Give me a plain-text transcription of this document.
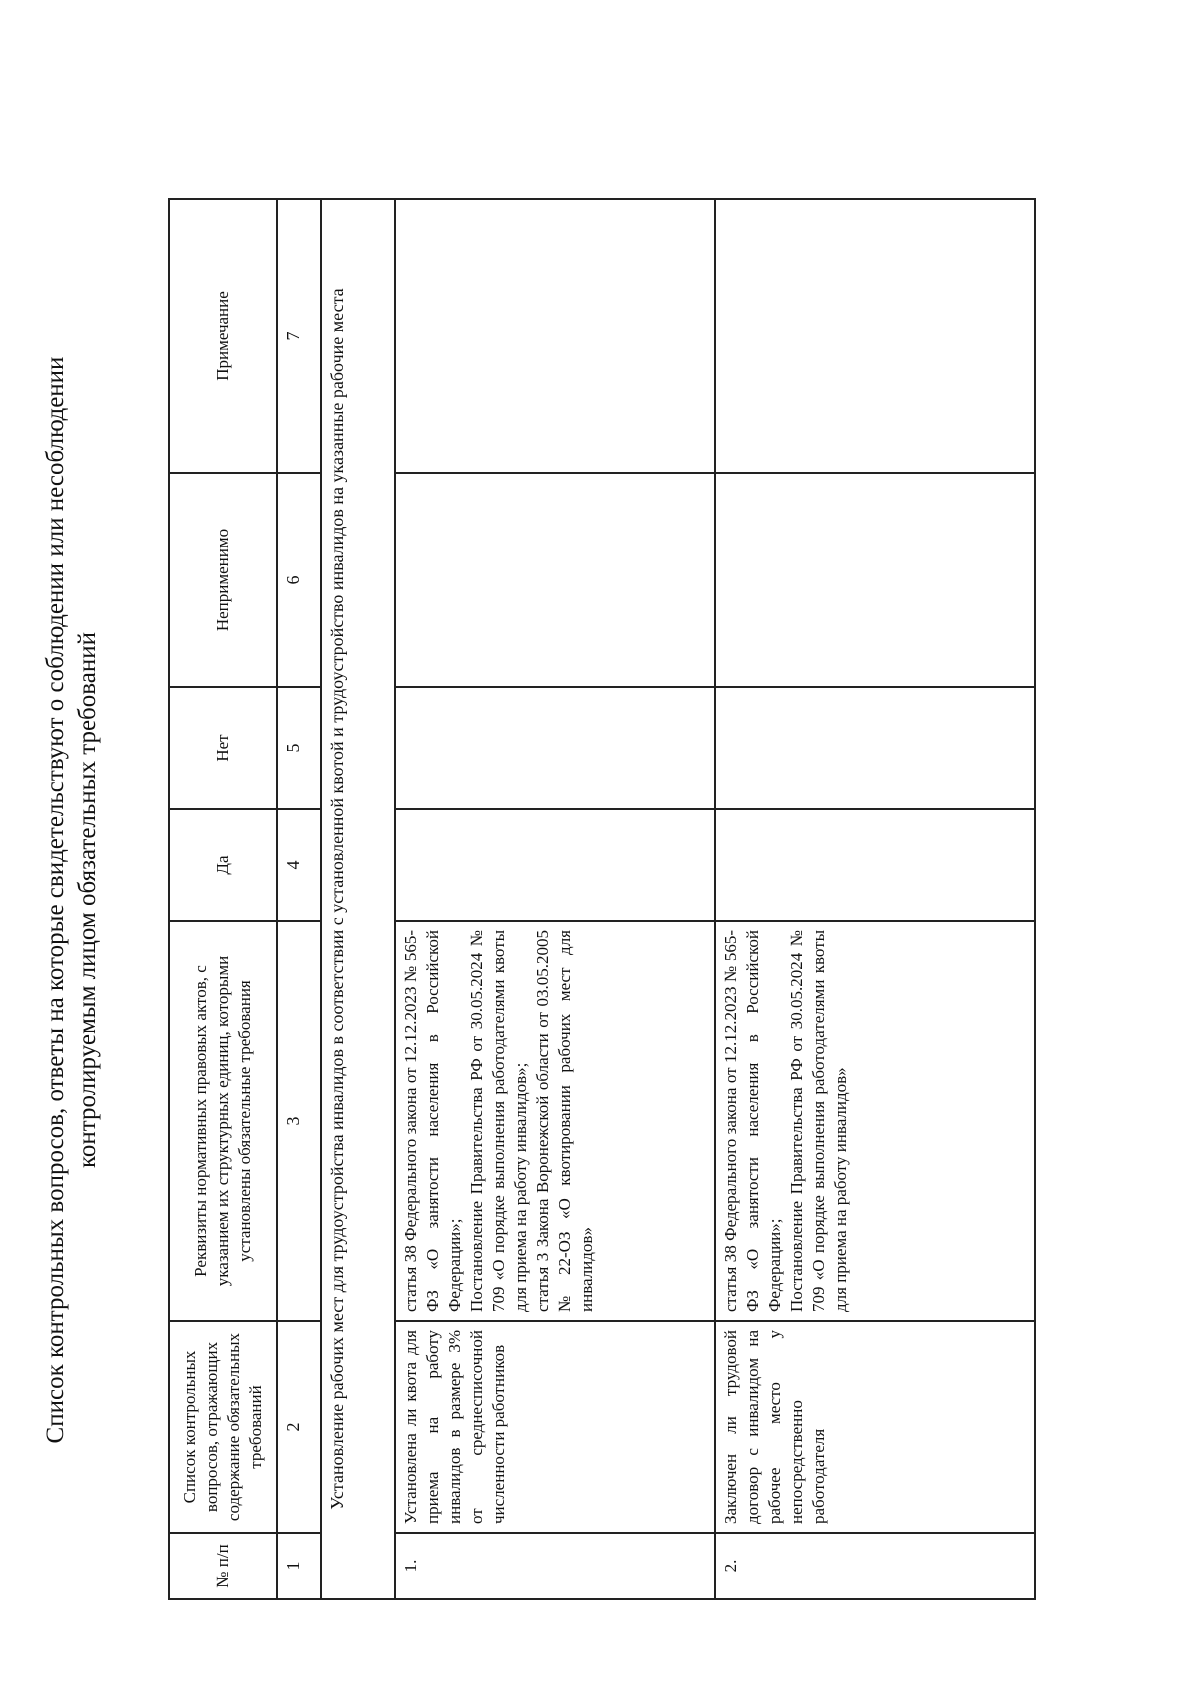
Список контрольных вопросов, ответы на которые свидетельствуют о соблюдении или несоблюдении контролируемым лицом обязательных требований
№ п/п	Список контрольных вопросов, отражающих содержание обязательных требований	Реквизиты нормативных правовых актов, с указанием их структурных единиц, которыми установлены обязательные требования	Да	Нет	Неприменимо	Примечание
1	2	3	4	5	6	7
Установление рабочих мест для трудоустройства инвалидов в соответствии с установленной квотой и трудоустройство инвалидов на указанные рабочие места						
1.	Установлена ли квота для приема на работу инвалидов в размере 3% от среднесписочной численности работников	статья 38 Федерального закона от 12.12.2023 № 565-ФЗ «О занятости населения в Российской Федерации»; Постановление Правительства РФ от 30.05.2024 № 709 «О порядке выполнения работодателями квоты для приема на работу инвалидов»; статья 3 Закона Воронежской области от 03.05.2005 № 22-ОЗ «О квотировании рабочих мест для инвалидов»				

2.	Заключен ли трудовой договор с инвалидом на рабочее место у непосредственно работодателя	статья 38 Федерального закона от 12.12.2023 № 565-ФЗ «О занятости населения в Российской Федерации»; Постановление Правительства РФ от 30.05.2024 № 709 «О порядке выполнения работодателями квоты для приема на работу инвалидов»				
